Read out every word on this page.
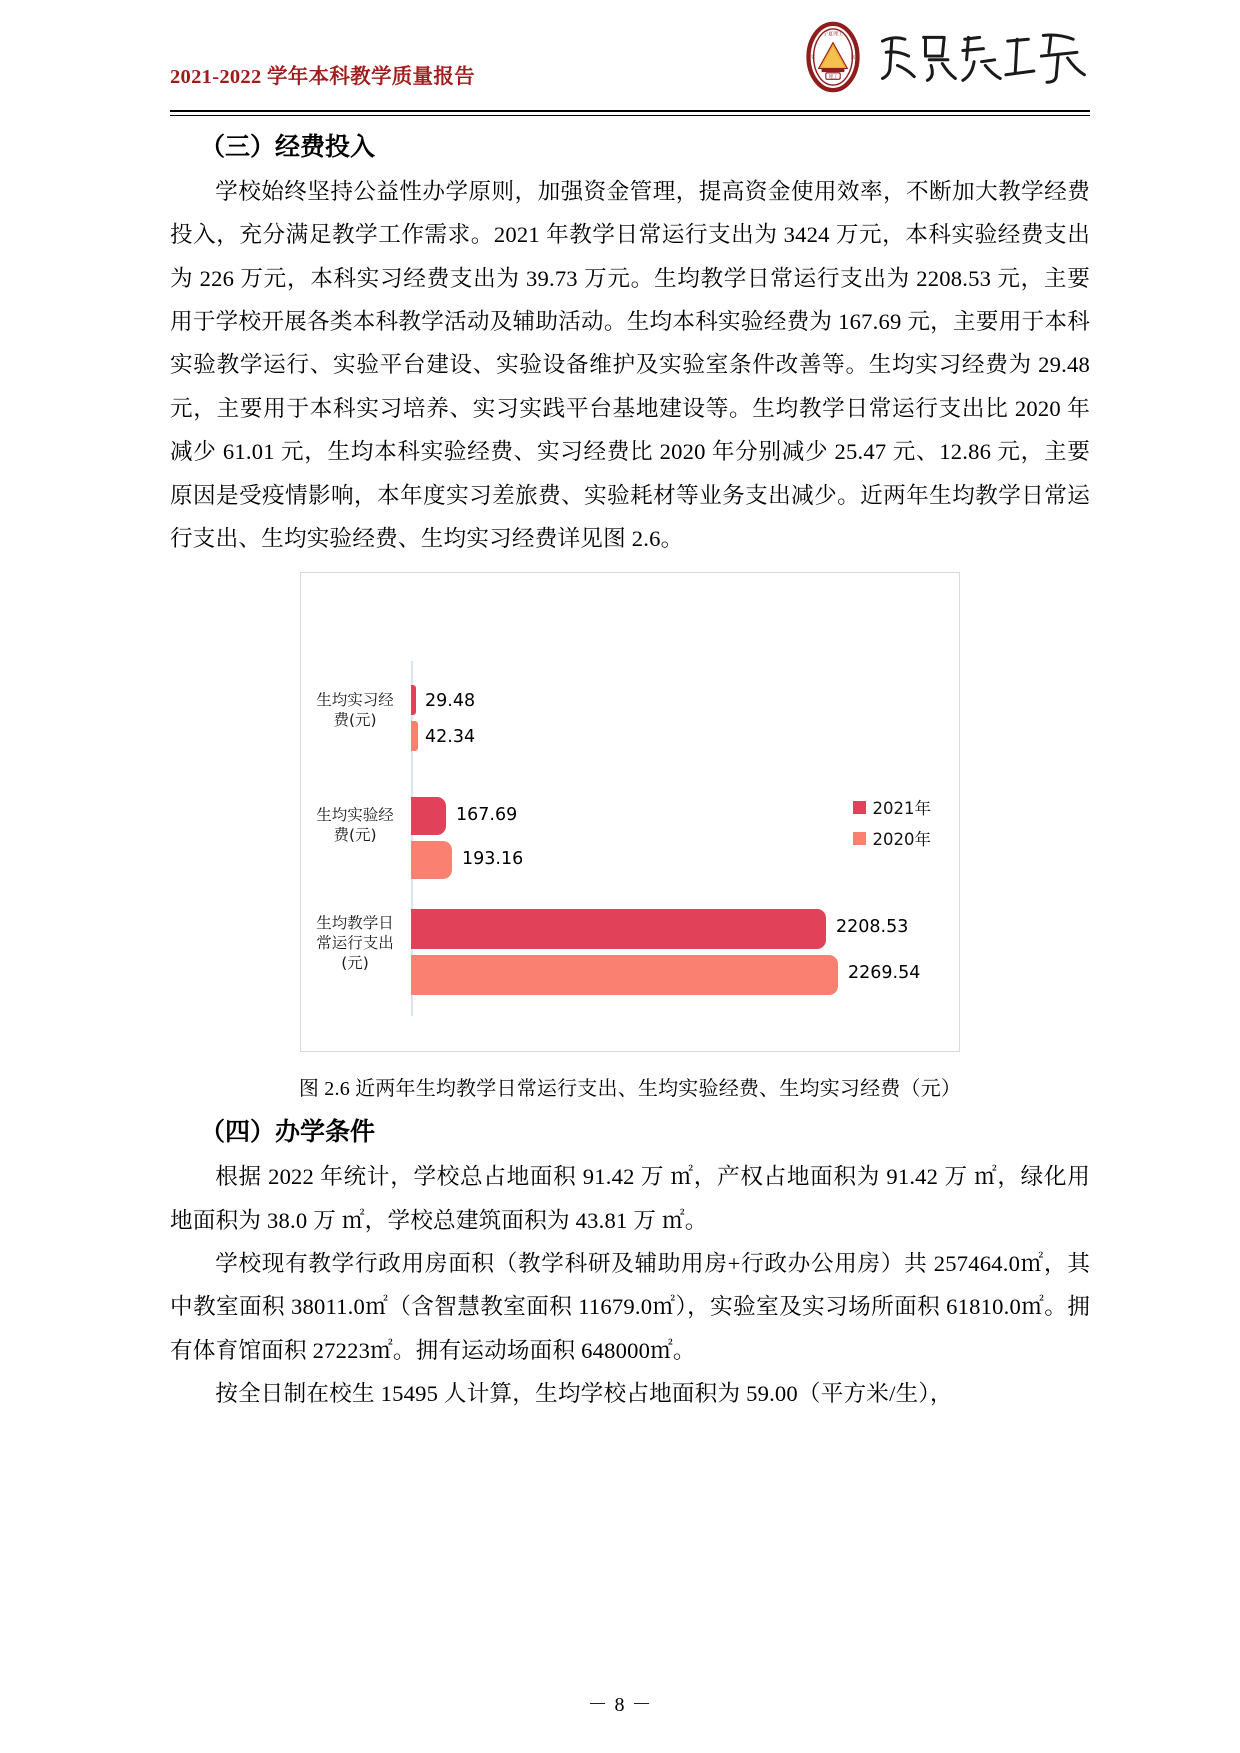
2021-2022 学年本科教学质量报告	理工
宁夏理工
学	院
（三）经费投入

学校始终坚持公益性办学原则，加强资金管理，提高资金使用效率，不断加大教学经费投入，充分满足教学工作需求。2021 年教学日常运行支出为 3424 万元，本科实验经费支出为 226 万元，本科实习经费支出为 39.73 万元。生均教学日常运行支出为 2208.53 元，主要用于学校开展各类本科教学活动及辅助活动。生均本科实验经费为 167.69 元，主要用于本科实验教学运行、实验平台建设、实验设备维护及实验室条件改善等。生均实习经费为 29.48 元，主要用于本科实习培养、实习实践平台基地建设等。生均教学日常运行支出比 2020 年减少 61.01 元，生均本科实验经费、实习经费比 2020 年分别减少 25.47 元、12.86 元，主要原因是受疫情影响，本年度实习差旅费、实验耗材等业务支出减少。近两年生均教学日常运行支出、生均实验经费、生均实习经费详见图 2.6。

生均实习经
费(元)
29.48
42.34
生均实验经
费(元)
167.69
193.16
生均教学日
常运行支出
(元)
2208.53
2269.54
2021年
2020年
图 2.6 近两年生均教学日常运行支出、生均实验经费、生均实习经费（元）
（四）办学条件

根据 2022 年统计，学校总占地面积 91.42 万 ㎡，产权占地面积为 91.42 万 ㎡，绿化用地面积为 38.0 万 ㎡，学校总建筑面积为 43.81 万 ㎡。

学校现有教学行政用房面积（教学科研及辅助用房+行政办公用房）共 257464.0㎡，其中教室面积 38011.0㎡（含智慧教室面积 11679.0㎡），实验室及实习场所面积 61810.0㎡。拥有体育馆面积 27223㎡。拥有运动场面积 648000㎡。

按全日制在校生 15495 人计算，生均学校占地面积为 59.00（平方米/生），

－ 8 －
